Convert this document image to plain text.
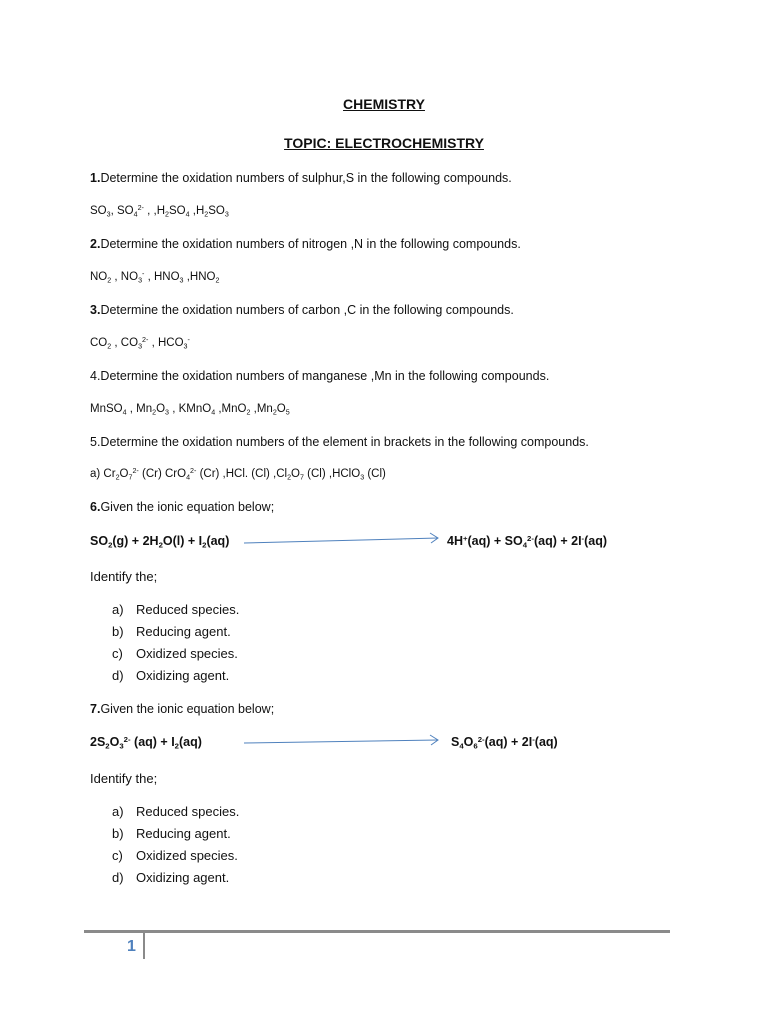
CHEMISTRY
TOPIC: ELECTROCHEMISTRY
1.Determine the oxidation numbers of sulphur,S in the following compounds.
$SO_3$, $SO_4^{2-}$ , $,H_2SO_4$ $,H_2SO_3$
2.Determine the oxidation numbers of nitrogen ,N in the following compounds.
$NO_2$ , $NO_3^-$ , $HNO_3$ $,HNO_2$
3.Determine the oxidation numbers of carbon ,C in the following compounds.
$CO_2$ , $CO_3^{2-}$ , $HCO_3^-$
4.Determine the oxidation numbers of manganese ,Mn in the following compounds.
MnSO$_4$ , $Mn_2O_3$ , KMnO$_4$ ,MnO$_2$ $,Mn_2O_5$
5.Determine the oxidation numbers of the element in brackets in the following compounds.
a) $Cr_2O_7^{2-}$ (Cr) CrO$_4^{2-}$ (Cr) ,HCl. (Cl) $,Cl_2O_7$ (Cl) ,HClO$_3$ (Cl)
6.Given the ionic equation below;
$SO_2(g) + 2H_2O(l) + I_2(aq)$	$4H^+(aq) + SO_4^{2-}(aq) + 2I^-(aq)$
Identify the;
a) Reduced species.
b) Reducing agent.
c) Oxidized species.
d) Oxidizing agent.
7.Given the ionic equation below;
$2S_2O_3^{2-}$ $(aq) + I_2(aq)$	$S_4O_6^{2-}(aq) + 2I^-(aq)$
Identify the;
a) Reduced species.
b) Reducing agent.
c) Oxidized species.
d) Oxidizing agent.
1
